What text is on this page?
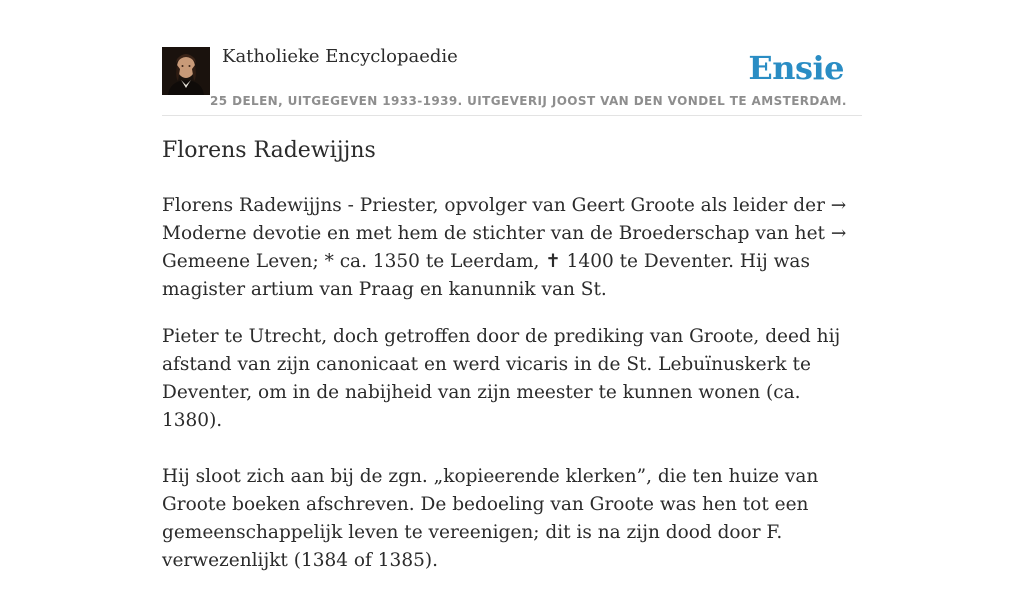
Katholieke Encyclopaedie
25 DELEN, UITGEGEVEN 1933-1939. UITGEVERIJ JOOST VAN DEN VONDEL TE AMSTERDAM.
Ensie
Florens Radewijjns

Florens Radewijjns - Priester, opvolger van Geert Groote als leider der → Moderne devotie en met hem de stichter van de Broederschap van het → Gemeene Leven; * ca. 1350 te Leerdam, ✝ 1400 te Deventer. Hij was magister artium van Praag en kanunnik van St.

Pieter te Utrecht, doch getroffen door de prediking van Groote, deed hij afstand van zijn canonicaat en werd vicaris in de St. Lebuïnuskerk te Deventer, om in de nabijheid van zijn meester te kunnen wonen (ca. 1380).

Hij sloot zich aan bij de zgn. „kopieerende klerken”, die ten huize van Groote boeken afschreven. De bedoeling van Groote was hen tot een gemeenschappelijk leven te vereenigen; dit is na zijn dood door F. verwezenlijkt (1384 of 1385).
